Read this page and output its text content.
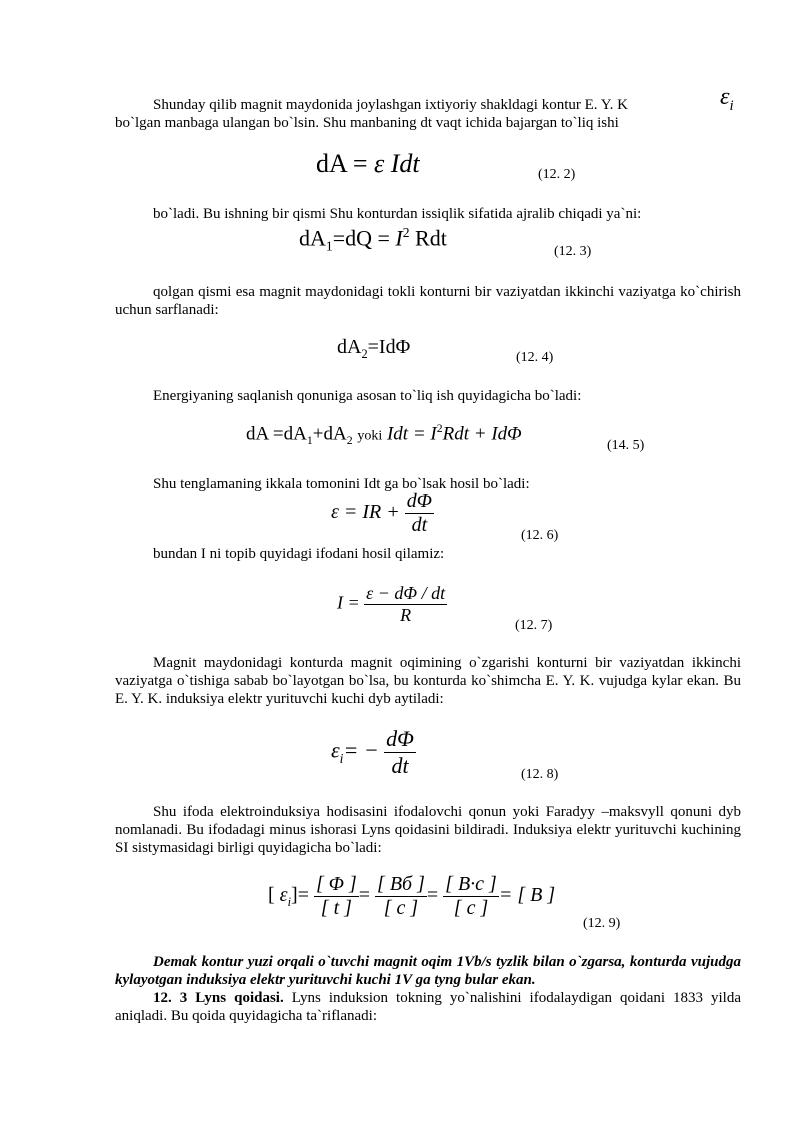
Shunday qilib magnit maydonida joylashgan ixtiyoriy shakldagi kontur E. Y. K
bo`lgan manbaga ulangan bo`lsin. Shu manbaning dt vaqt ichida bajargan to`liq ishi
$\varepsilon_i$
dA = ε Idt	(12. 2)
bo`ladi. Bu ishning bir qismi Shu konturdan issiqlik sifatida ajralib chiqadi ya`ni:
$dA_1=dQ = I^2$ Rdt
(12. 3)
qolgan qismi esa magnit maydonidagi tokli konturni bir vaziyatdan ikkinchi vaziyatga ko`chirish uchun sarflanadi:
$dA_2=Id\Phi$	(12. 4)
Energiyaning saqlanish qonuniga asosan to`liq ish quyidagicha bo`ladi:
dA $=dA_1+dA_2$ yoki Idt = $I^2Rdt + Id\Phi$
(14. 5)
Shu tenglamaning ikkala tomonini Idt ga bo`lsak hosil bo`ladi:
ε = IR + $\frac{d\Phi}{dt}$	(12. 6)
bundan I ni topib quyidagi ifodani hosil qilamiz:
$I = \frac{\varepsilon - d\Phi / dt}{R}$	(12. 7)
Magnit maydonidagi konturda magnit oqimining o`zgarishi konturni bir vaziyatdan ikkinchi vaziyatga o`tishiga sabab bo`layotgan bo`lsa, bu konturda ko`shimcha E. Y. K. vujudga kylar ekan. Bu E. Y. K. induksiya elektr yurituvchi kuchi dyb aytiladi:
$\varepsilon_i= - \frac{d\Phi}{dt}$	(12. 8)
Shu ifoda elektroinduksiya hodisasini ifodalovchi qonun yoki Faradyy –maksvyll qonuni dyb nomlanadi. Bu ifodadagi minus ishorasi Lyns qoidasini bildiradi. Induksiya elektr yurituvchi kuchining SI sistymasidagi birligi quyidagicha bo`ladi:
[ $\varepsilon_i]= \frac{[ \Phi ]}{[ t ]} = \frac{[ Вб ]}{[ c ]} = \frac{[ B\cdot c ]}{[ c ]}$ = [ B ]
(12. 9)
Demak kontur yuzi orqali o`tuvchi magnit oqim 1Vb/s tyzlik bilan o`zgarsa, konturda vujudga kylayotgan induksiya elektr yurituvchi kuchi 1V ga tyng bular ekan.
12. 3 Lyns qoidasi. Lyns induksion tokning yo`nalishini ifodalaydigan qoidani 1833 yilda aniqladi. Bu qoida quyidagicha ta`riflanadi:
